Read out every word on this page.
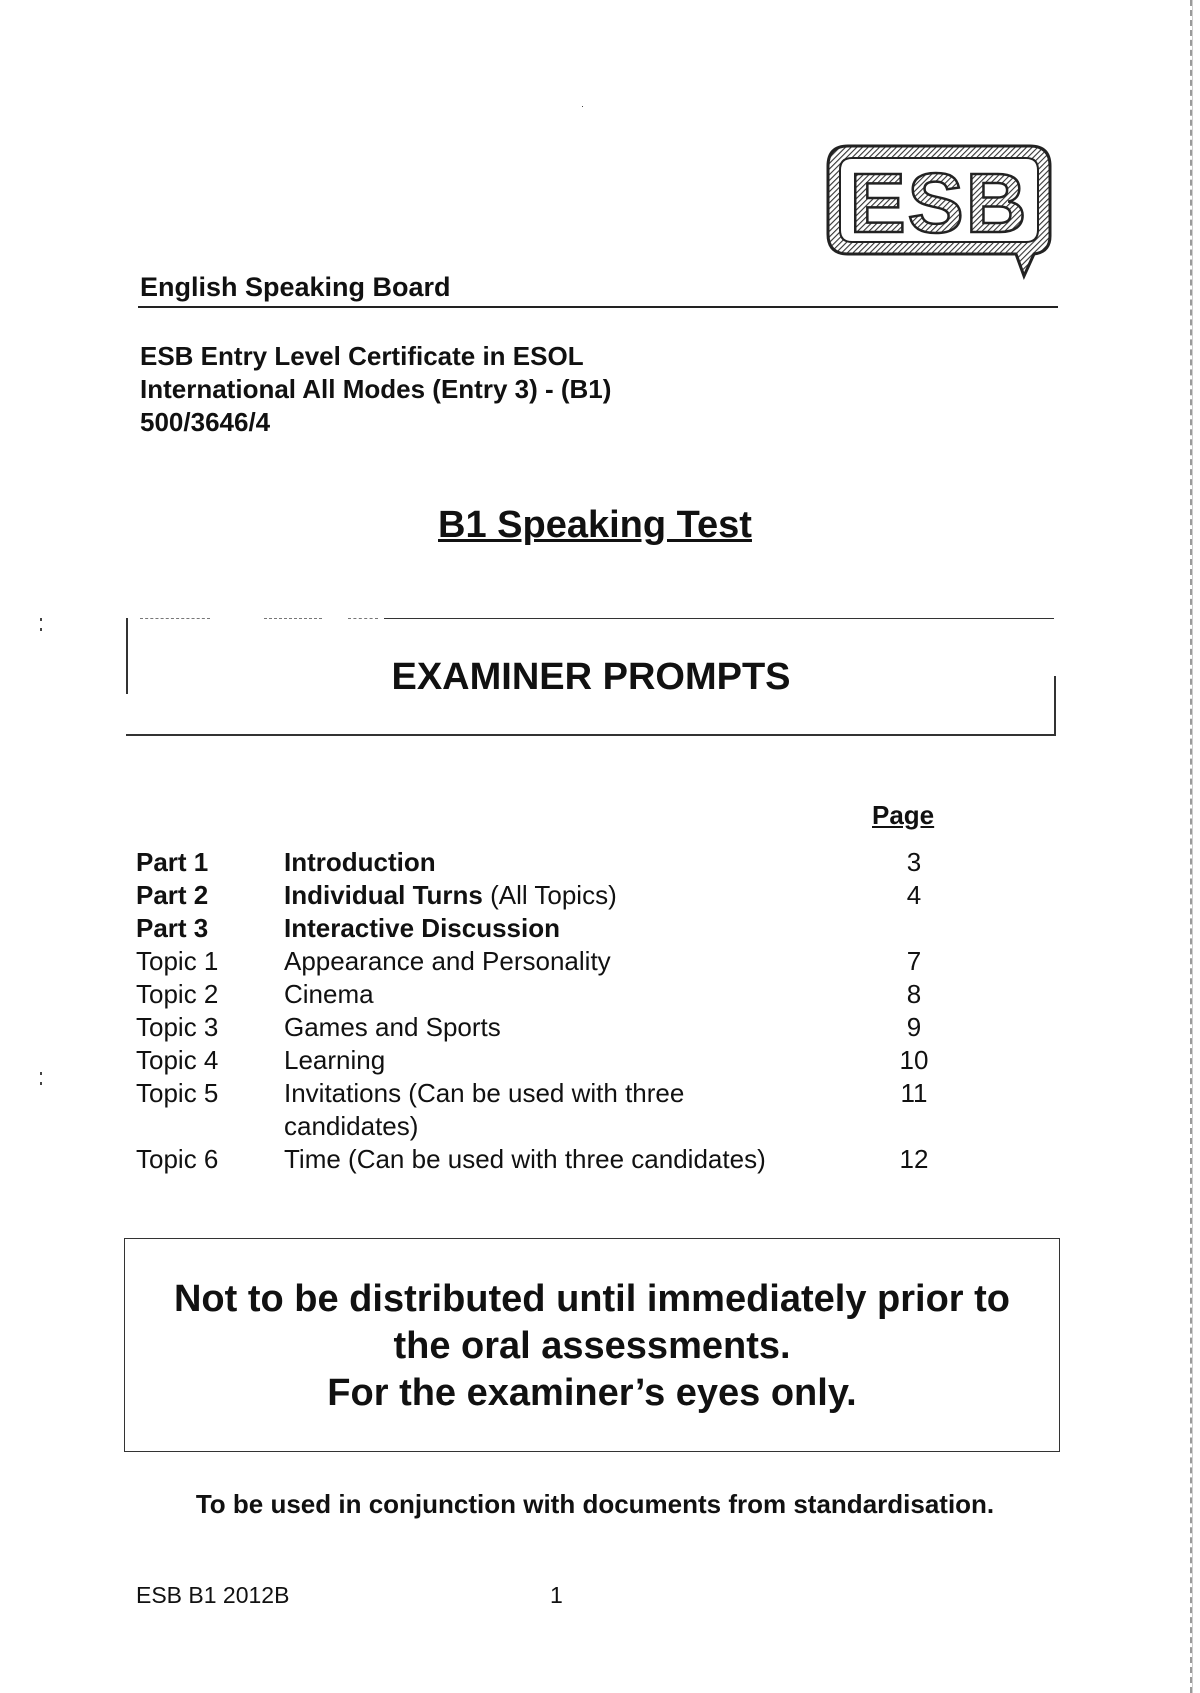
ESB
English Speaking Board
ESB Entry Level Certificate in ESOL
International All Modes (Entry 3) - (B1)
500/3646/4
B1 Speaking Test
EXAMINER PROMPTS
Page
Part 1	Introduction	3
Part 2	Individual Turns (All Topics)	4
Part 3	Interactive Discussion
Topic 1	Appearance and Personality	7
Topic 2	Cinema	8
Topic 3	Games and Sports	9
Topic 4	Learning	10
Topic 5	Invitations (Can be used with three	11
candidates)
Topic 6	Time (Can be used with three candidates)	12
Not to be distributed until immediately prior to
the oral assessments.
For the examiner’s eyes only.
To be used in conjunction with documents from standardisation.
ESB B1 2012B	1
